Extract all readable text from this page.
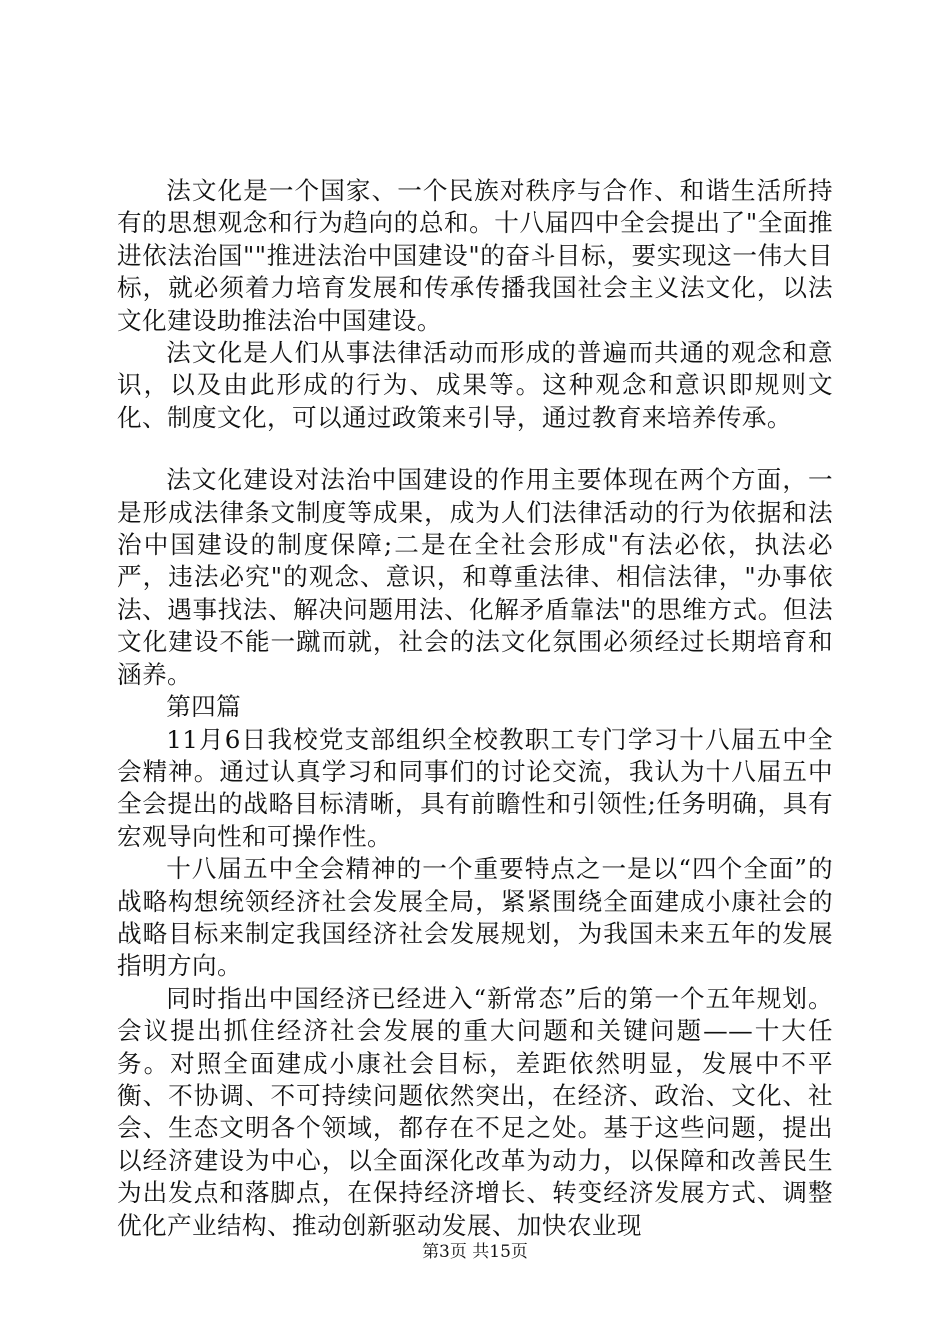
法文化是一个国家、一个民族对秩序与合作、和谐生活所持有的思想观念和行为趋向的总和。十八届四中全会提出了"全面推进依法治国""推进法治中国建设"的奋斗目标，要实现这一伟大目标，就必须着力培育发展和传承传播我国社会主义法文化，以法文化建设助推法治中国建设。

法文化是人们从事法律活动而形成的普遍而共通的观念和意识，以及由此形成的行为、成果等。这种观念和意识即规则文化、制度文化，可以通过政策来引导，通过教育来培养传承。

法文化建设对法治中国建设的作用主要体现在两个方面，一是形成法律条文制度等成果，成为人们法律活动的行为依据和法治中国建设的制度保障;二是在全社会形成"有法必依，执法必严，违法必究"的观念、意识，和尊重法律、相信法律，"办事依法、遇事找法、解决问题用法、化解矛盾靠法"的思维方式。但法文化建设不能一蹴而就，社会的法文化氛围必须经过长期培育和涵养。

第四篇

11月6日我校党支部组织全校教职工专门学习十八届五中全会精神。通过认真学习和同事们的讨论交流，我认为十八届五中全会提出的战略目标清晰，具有前瞻性和引领性;任务明确，具有宏观导向性和可操作性。

十八届五中全会精神的一个重要特点之一是以“四个全面”的战略构想统领经济社会发展全局，紧紧围绕全面建成小康社会的战略目标来制定我国经济社会发展规划，为我国未来五年的发展指明方向。

同时指出中国经济已经进入“新常态”后的第一个五年规划。会议提出抓住经济社会发展的重大问题和关键问题——十大任务。对照全面建成小康社会目标，差距依然明显，发展中不平衡、不协调、不可持续问题依然突出，在经济、政治、文化、社会、生态文明各个领域，都存在不足之处。基于这些问题，提出以经济建设为中心，以全面深化改革为动力，以保障和改善民生为出发点和落脚点，在保持经济增长、转变经济发展方式、调整优化产业结构、推动创新驱动发展、加快农业现

第3页 共15页
